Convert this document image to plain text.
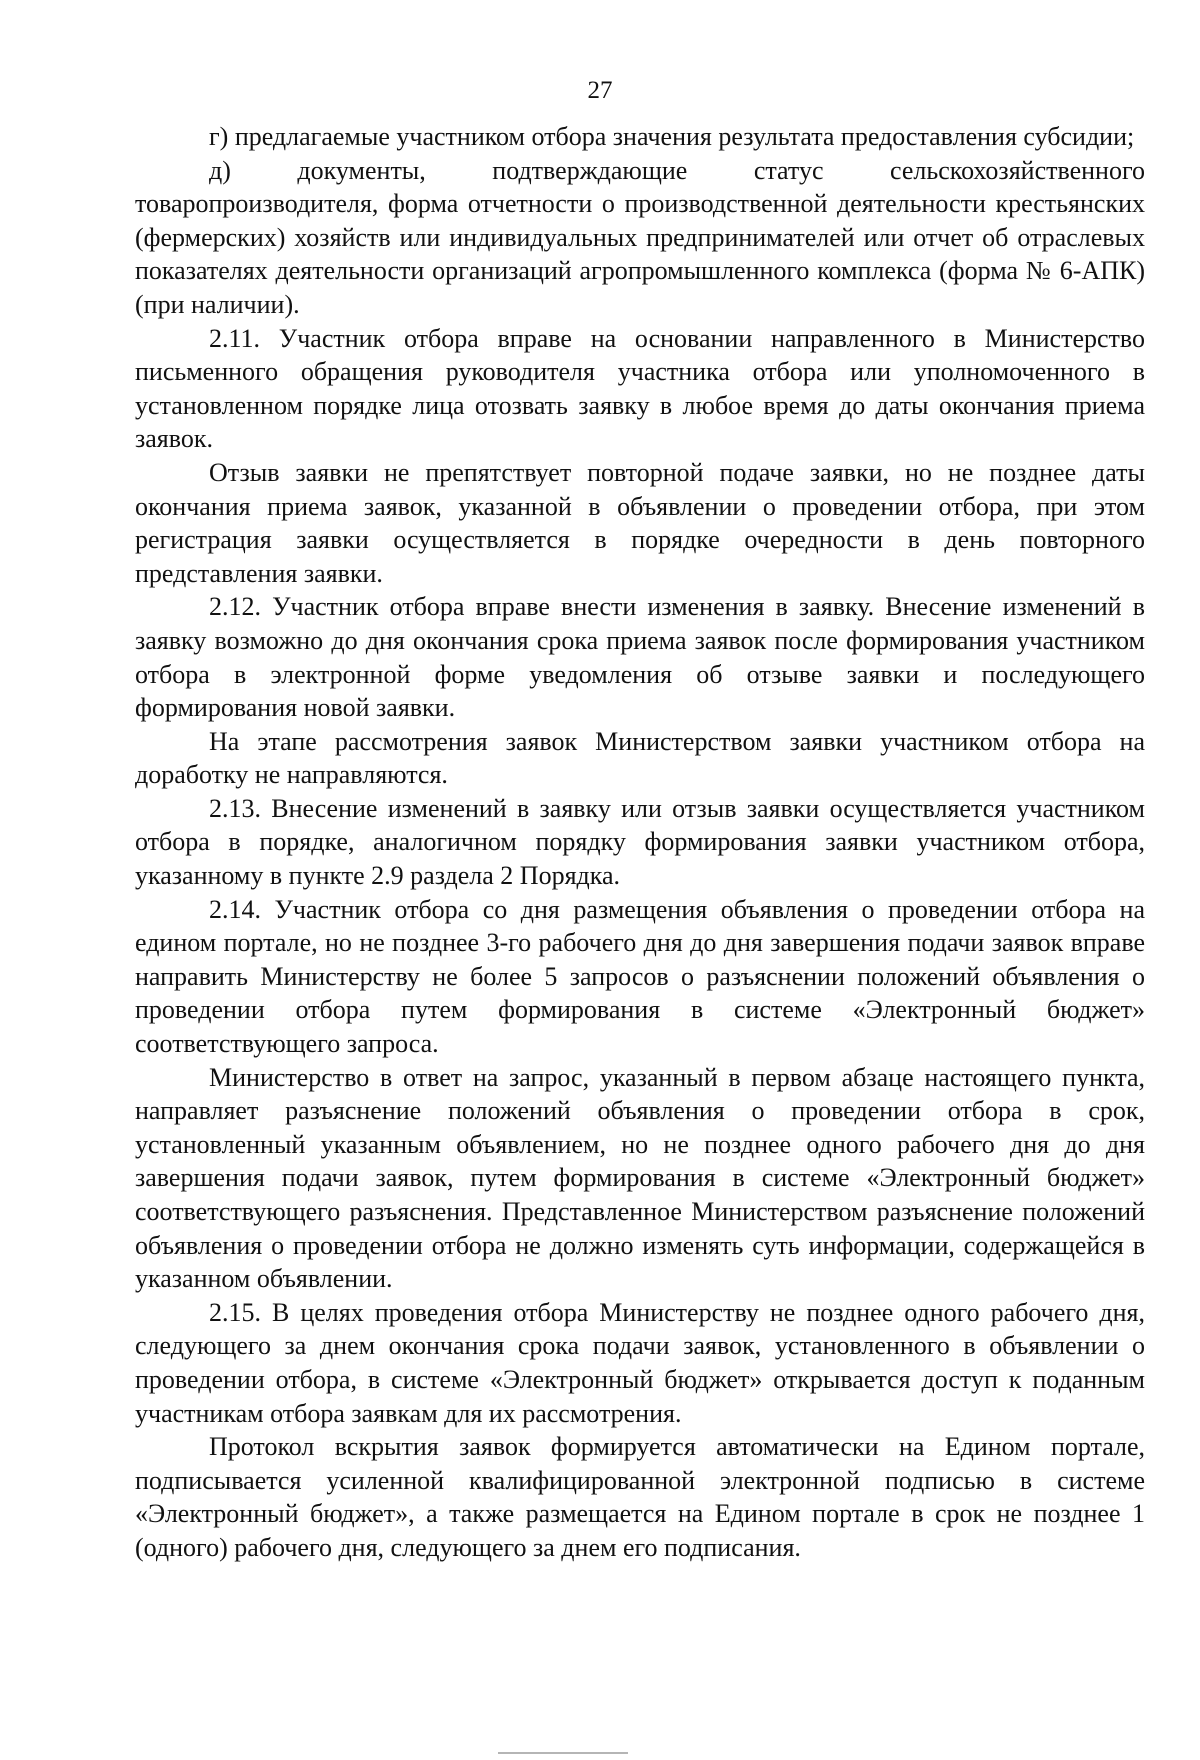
27

г) предлагаемые участником отбора значения результата предоставления субсидии;

д) документы, подтверждающие статус сельскохозяйственного товаропроизводителя, форма отчетности о производственной деятельности крестьянских (фермерских) хозяйств или индивидуальных предпринимателей или отчет об отраслевых показателях деятельности организаций агропромышленного комплекса (форма № 6-АПК) (при наличии).

2.11. Участник отбора вправе на основании направленного в Министерство письменного обращения руководителя участника отбора или уполномоченного в установленном порядке лица отозвать заявку в любое время до даты окончания приема заявок.

Отзыв заявки не препятствует повторной подаче заявки, но не позднее даты окончания приема заявок, указанной в объявлении о проведении отбора, при этом регистрация заявки осуществляется в порядке очередности в день повторного представления заявки.

2.12. Участник отбора вправе внести изменения в заявку. Внесение изменений в заявку возможно до дня окончания срока приема заявок после формирования участником отбора в электронной форме уведомления об отзыве заявки и последующего формирования новой заявки.

На этапе рассмотрения заявок Министерством заявки участником отбора на доработку не направляются.

2.13. Внесение изменений в заявку или отзыв заявки осуществляется участником отбора в порядке, аналогичном порядку формирования заявки участником отбора, указанному в пункте 2.9 раздела 2 Порядка.

2.14. Участник отбора со дня размещения объявления о проведении отбора на едином портале, но не позднее 3-го рабочего дня до дня завершения подачи заявок вправе направить Министерству не более 5 запросов о разъяснении положений объявления о проведении отбора путем формирования в системе «Электронный бюджет» соответствующего запроса.

Министерство в ответ на запрос, указанный в первом абзаце настоящего пункта, направляет разъяснение положений объявления о проведении отбора в срок, установленный указанным объявлением, но не позднее одного рабочего дня до дня завершения подачи заявок, путем формирования в системе «Электронный бюджет» соответствующего разъяснения. Представленное Министерством разъяснение положений объявления о проведении отбора не должно изменять суть информации, содержащейся в указанном объявлении.

2.15. В целях проведения отбора Министерству не позднее одного рабочего дня, следующего за днем окончания срока подачи заявок, установленного в объявлении о проведении отбора, в системе «Электронный бюджет» открывается доступ к поданным участникам отбора заявкам для их рассмотрения.

Протокол вскрытия заявок формируется автоматически на Едином портале, подписывается усиленной квалифицированной электронной подписью в системе «Электронный бюджет», а также размещается на Едином портале в срок не позднее 1 (одного) рабочего дня, следующего за днем его подписания.
